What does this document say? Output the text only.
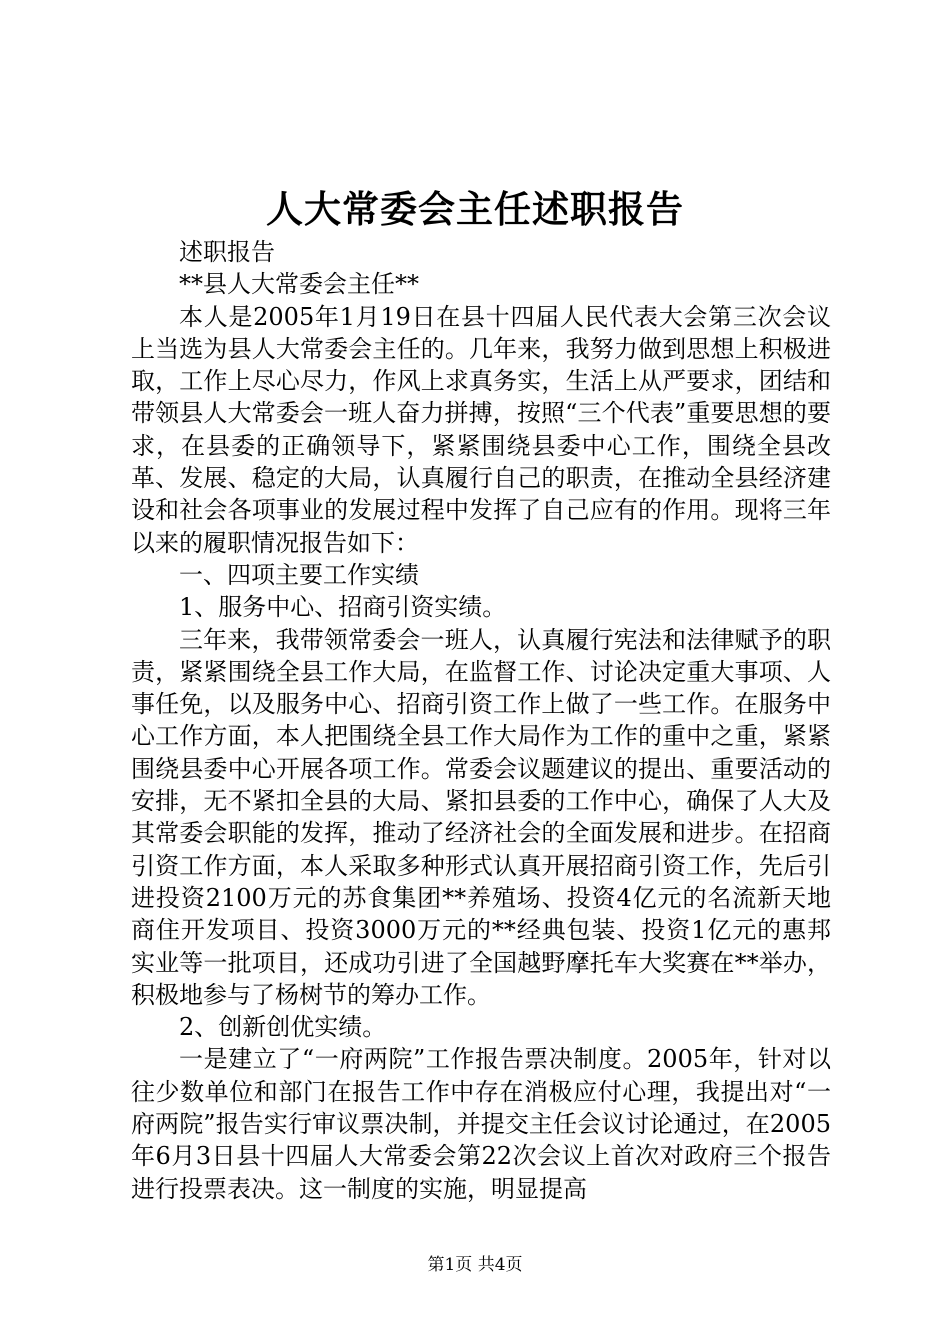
人大常委会主任述职报告

述职报告

**县人大常委会主任**

本人是2005年1月19日在县十四届人民代表大会第三次会议上当选为县人大常委会主任的。几年来，我努力做到思想上积极进取，工作上尽心尽力，作风上求真务实，生活上从严要求，团结和带领县人大常委会一班人奋力拼搏，按照“三个代表”重要思想的要求，在县委的正确领导下，紧紧围绕县委中心工作，围绕全县改革、发展、稳定的大局，认真履行自己的职责，在推动全县经济建设和社会各项事业的发展过程中发挥了自己应有的作用。现将三年以来的履职情况报告如下：

一、四项主要工作实绩

1、服务中心、招商引资实绩。

三年来，我带领常委会一班人，认真履行宪法和法律赋予的职责，紧紧围绕全县工作大局，在监督工作、讨论决定重大事项、人事任免，以及服务中心、招商引资工作上做了一些工作。在服务中心工作方面，本人把围绕全县工作大局作为工作的重中之重，紧紧围绕县委中心开展各项工作。常委会议题建议的提出、重要活动的安排，无不紧扣全县的大局、紧扣县委的工作中心，确保了人大及其常委会职能的发挥，推动了经济社会的全面发展和进步。在招商引资工作方面，本人采取多种形式认真开展招商引资工作，先后引进投资2100万元的苏食集团**养殖场、投资4亿元的名流新天地商住开发项目、投资3000万元的**经典包装、投资1亿元的惠邦实业等一批项目，还成功引进了全国越野摩托车大奖赛在**举办，积极地参与了杨树节的筹办工作。

2、创新创优实绩。

一是建立了“一府两院”工作报告票决制度。2005年，针对以往少数单位和部门在报告工作中存在消极应付心理，我提出对“一府两院”报告实行审议票决制，并提交主任会议讨论通过，在2005年6月3日县十四届人大常委会第22次会议上首次对政府三个报告进行投票表决。这一制度的实施，明显提高

第1页 共4页
